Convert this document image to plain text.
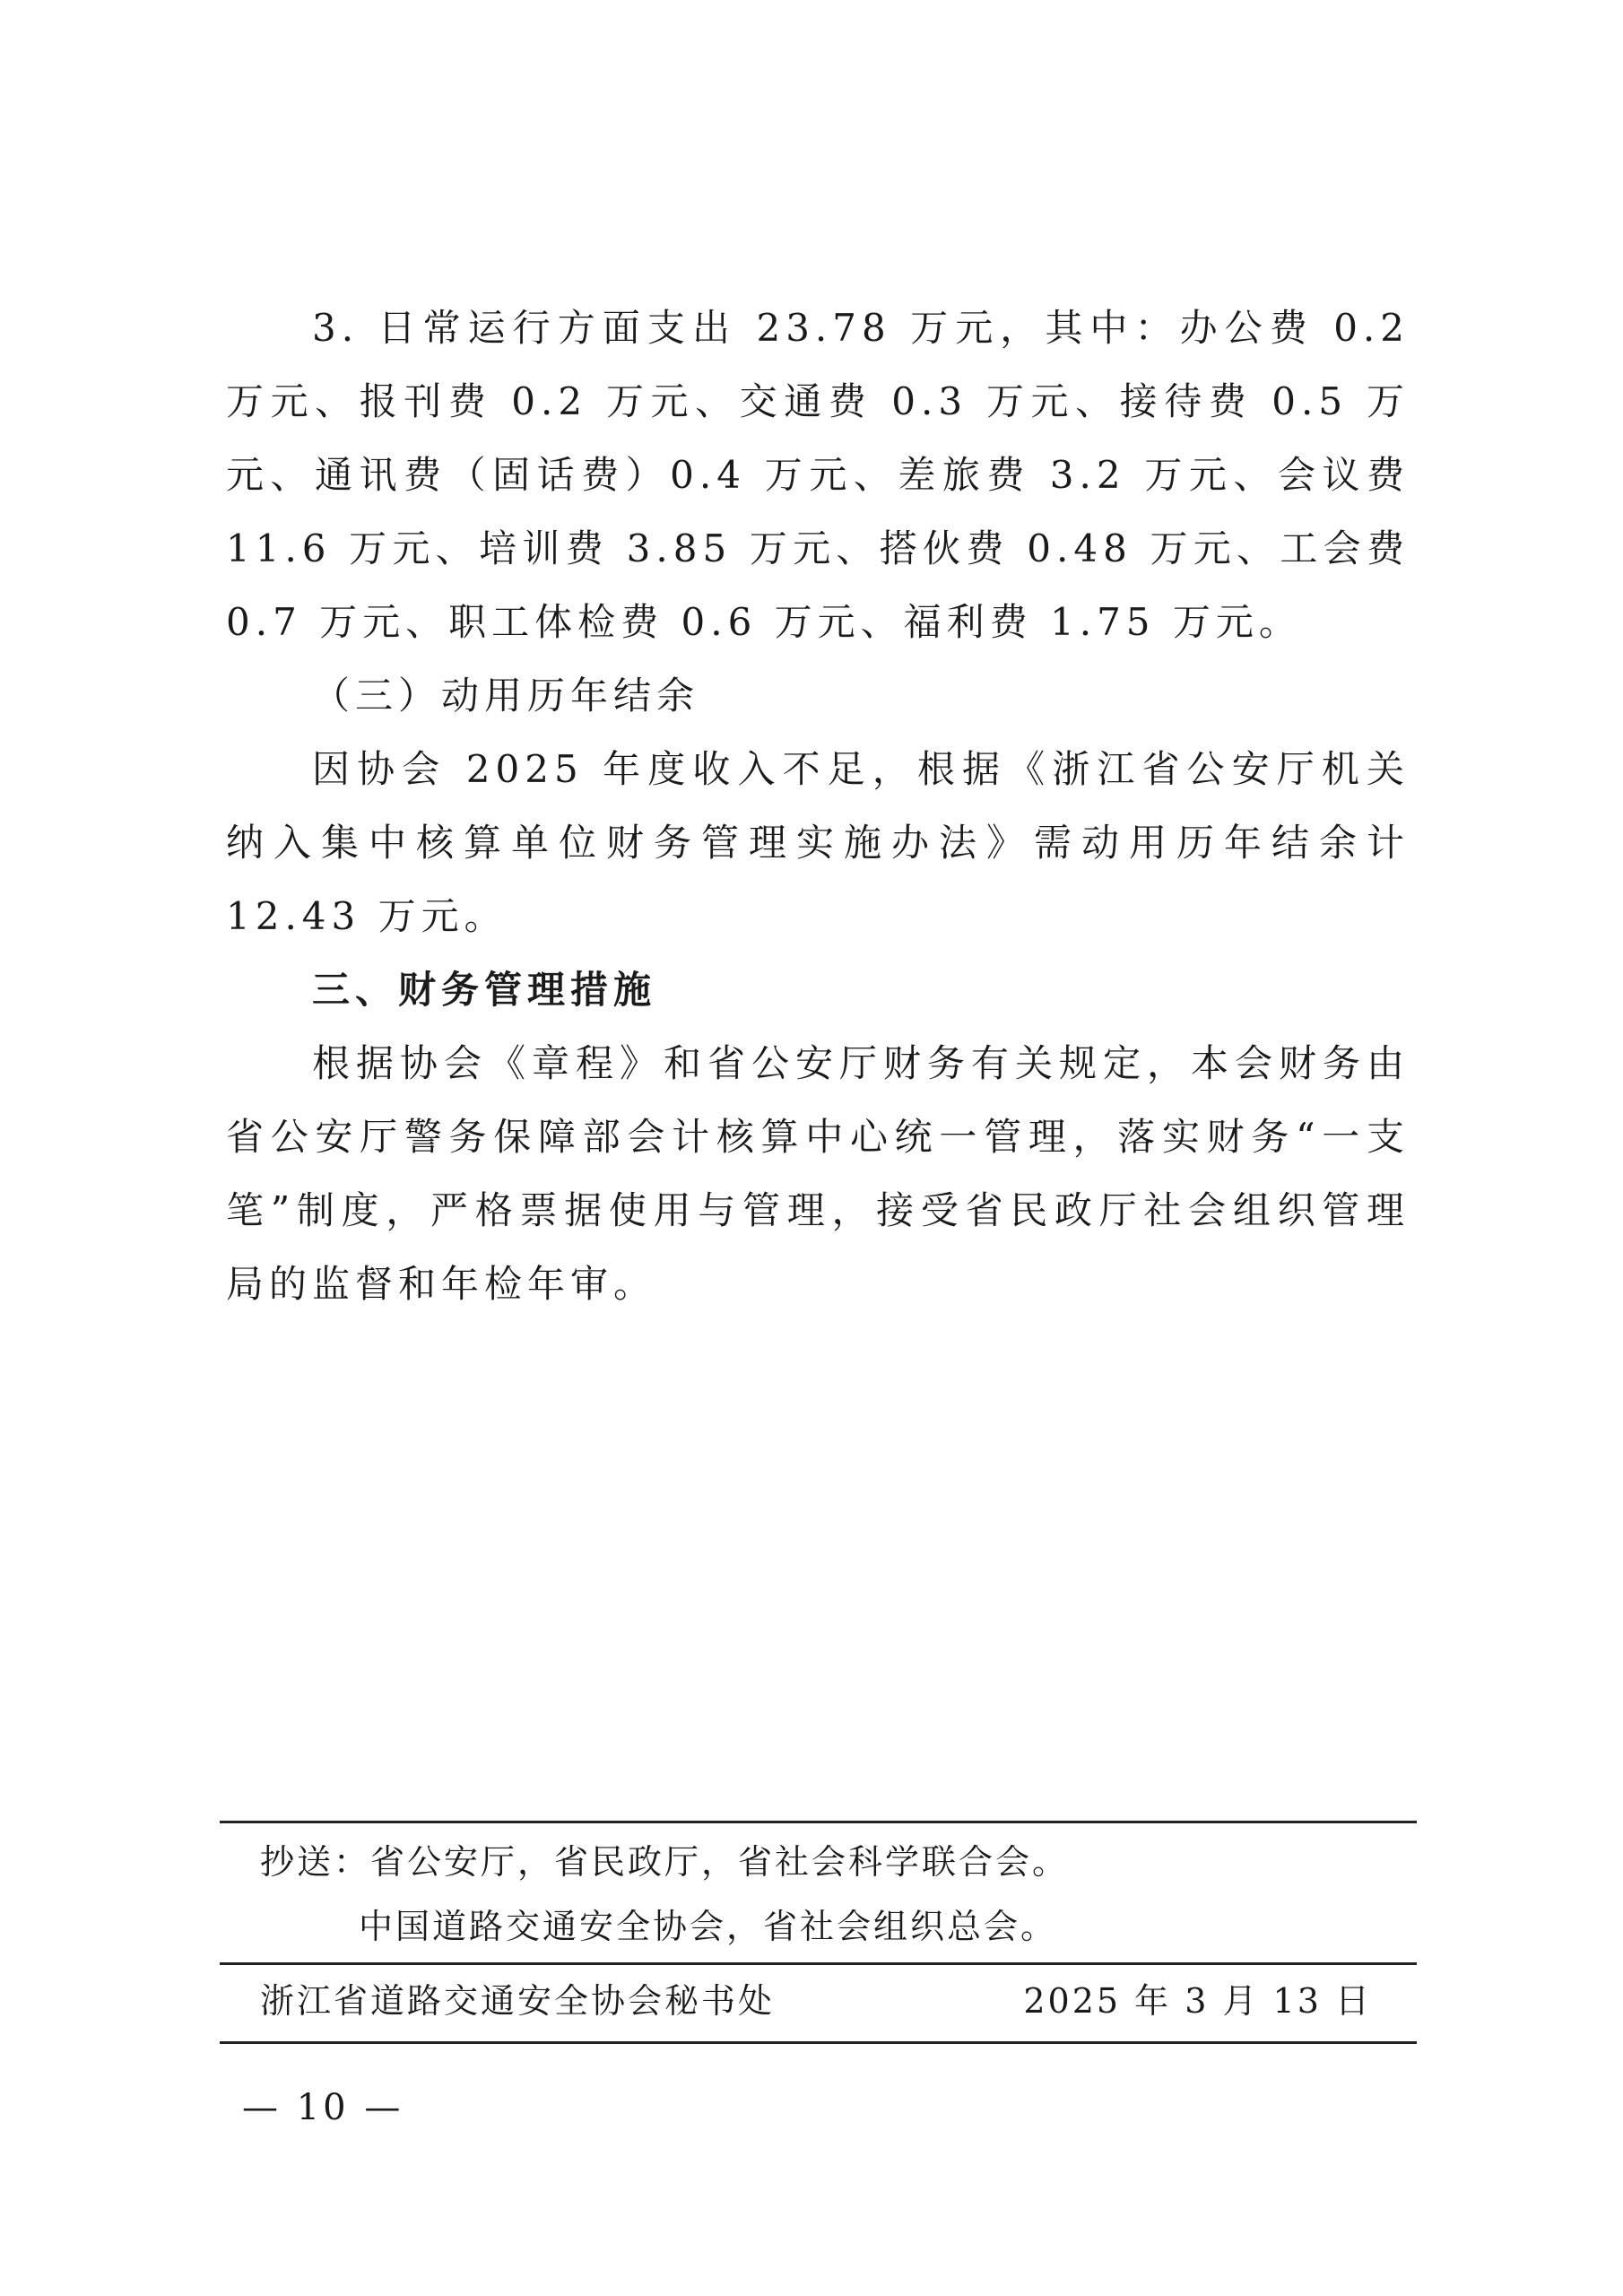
3. 日常运行方面支出 23.78 万元，其中：办公费 0.2 万元、报刊费 0.2 万元、交通费 0.3 万元、接待费 0.5 万元、通讯费（固话费）0.4 万元、差旅费 3.2 万元、会议费 11.6 万元、培训费 3.85 万元、搭伙费 0.48 万元、工会费 0.7 万元、职工体检费 0.6 万元、福利费 1.75 万元。

（三）动用历年结余

因协会 2025 年度收入不足，根据《浙江省公安厅机关纳入集中核算单位财务管理实施办法》需动用历年结余计 12.43 万元。

三、财务管理措施

根据协会《章程》和省公安厅财务有关规定，本会财务由省公安厅警务保障部会计核算中心统一管理，落实财务“一支笔”制度，严格票据使用与管理，接受省民政厅社会组织管理局的监督和年检年审。

抄送：省公安厅，省民政厅，省社会科学联合会。
中国道路交通安全协会，省社会组织总会。
浙江省道路交通安全协会秘书处	2025 年 3 月 13 日
— 10 —
